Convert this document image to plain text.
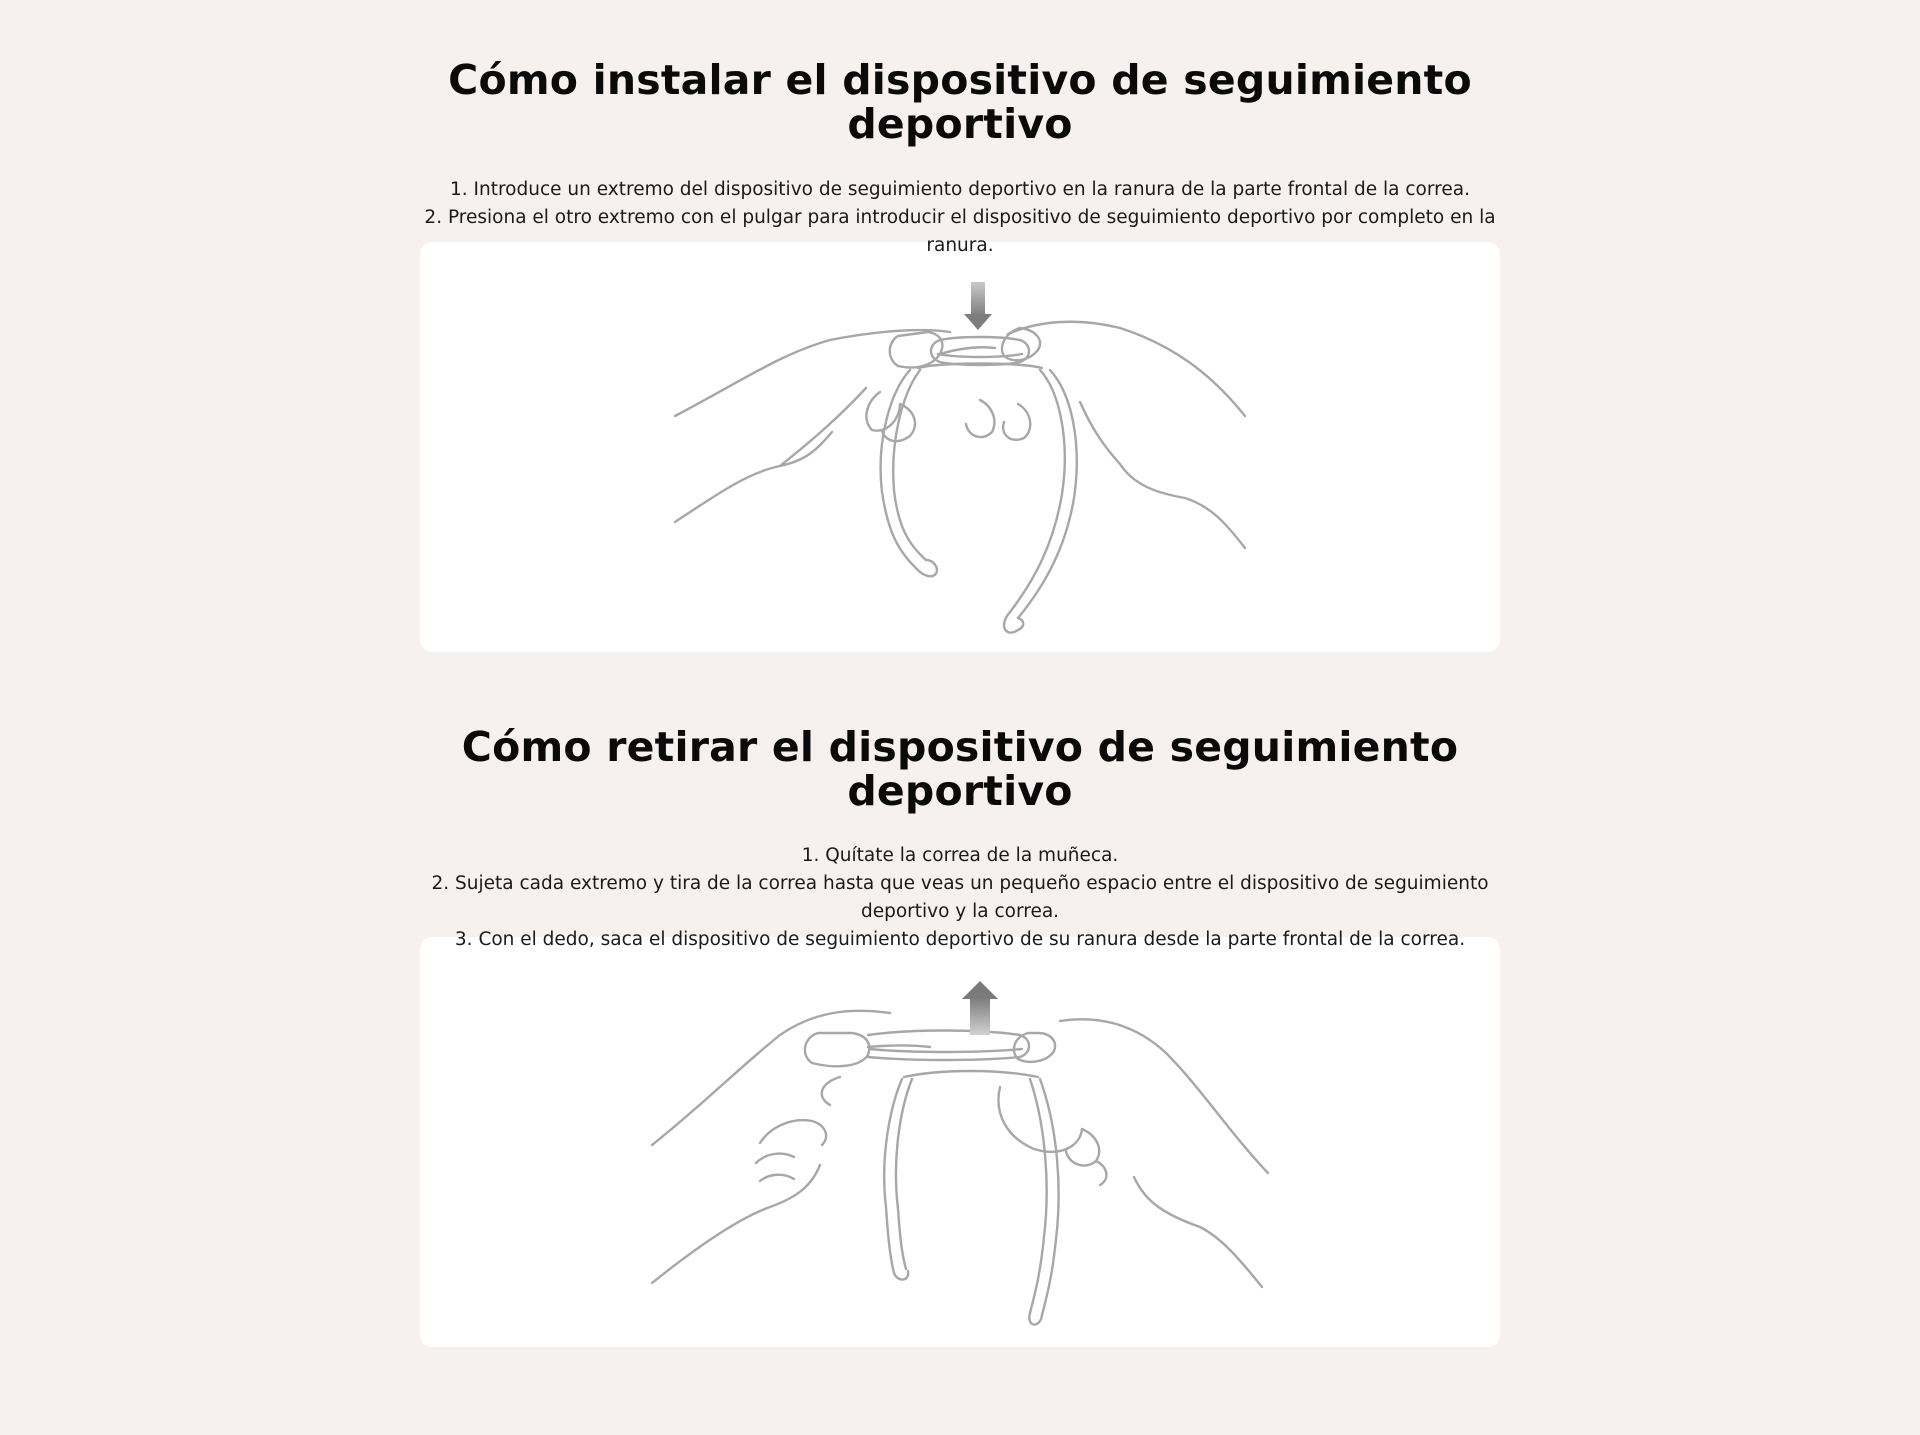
Cómo instalar el dispositivo de seguimiento deportivo
1. Introduce un extremo del dispositivo de seguimiento deportivo en la ranura de la parte frontal de la correa.
2. Presiona el otro extremo con el pulgar para introducir el dispositivo de seguimiento deportivo por completo en la ranura.
Cómo retirar el dispositivo de seguimiento deportivo
1. Quítate la correa de la muñeca.
2. Sujeta cada extremo y tira de la correa hasta que veas un pequeño espacio entre el dispositivo de seguimiento deportivo y la correa.
3. Con el dedo, saca el dispositivo de seguimiento deportivo de su ranura desde la parte frontal de la correa.
